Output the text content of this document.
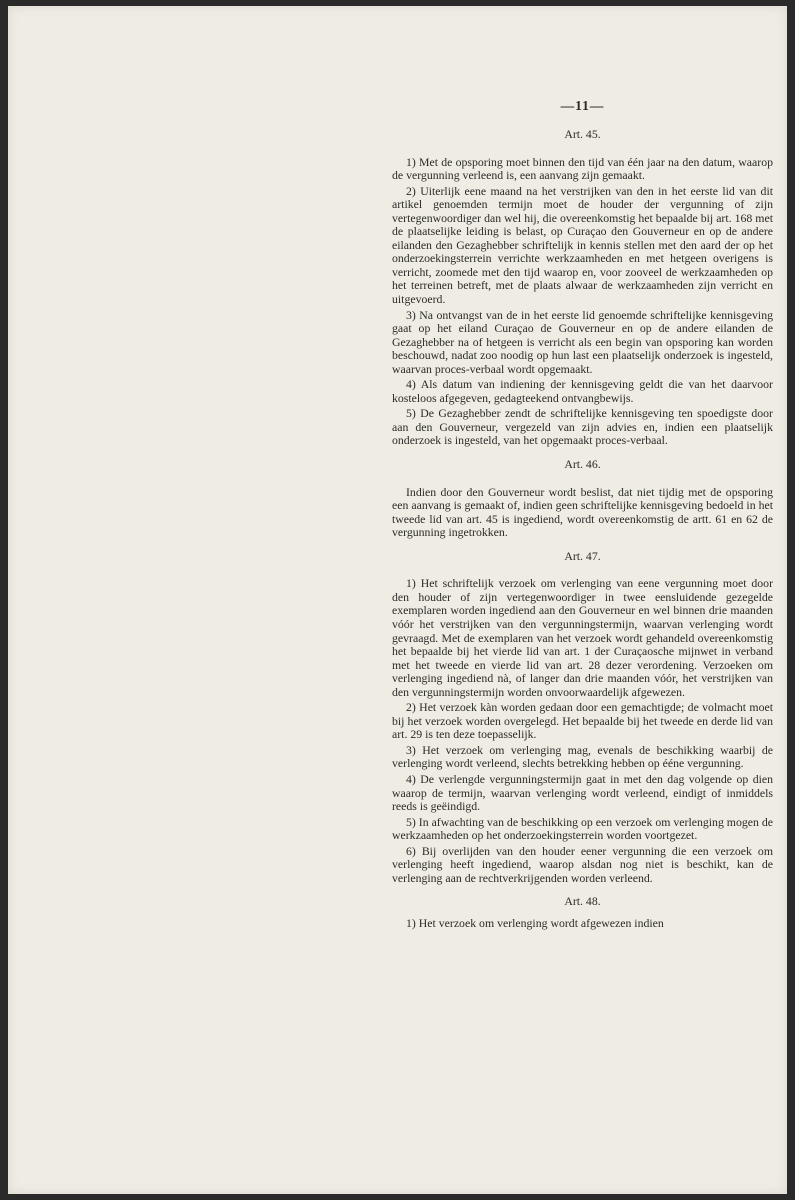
—11—
Art. 45.

1) Met de opsporing moet binnen den tijd van één jaar na den datum, waarop de vergunning verleend is, een aanvang zijn gemaakt.

2) Uiterlijk eene maand na het verstrijken van den in het eerste lid van dit artikel genoemden termijn moet de houder der vergunning of zijn vertegenwoordiger dan wel hij, die overeenkomstig het bepaalde bij art. 168 met de plaatselijke leiding is belast, op Curaçao den Gouverneur en op de andere eilanden den Gezaghebber schriftelijk in kennis stellen met den aard der op het onderzoekingsterrein verrichte werkzaamheden en met hetgeen overigens is verricht, zoomede met den tijd waarop en, voor zooveel de werkzaamheden op het terreinen betreft, met de plaats alwaar de werkzaamheden zijn verricht en uitgevoerd.

3) Na ontvangst van de in het eerste lid genoemde schriftelijke kennisgeving gaat op het eiland Curaçao de Gouverneur en op de andere eilanden de Gezaghebber na of hetgeen is verricht als een begin van opsporing kan worden beschouwd, nadat zoo noodig op hun last een plaatselijk onderzoek is ingesteld, waarvan proces-verbaal wordt opgemaakt.

4) Als datum van indiening der kennisgeving geldt die van het daarvoor kosteloos afgegeven, gedagteekend ontvangbewijs.

5) De Gezaghebber zendt de schriftelijke kennisgeving ten spoedigste door aan den Gouverneur, vergezeld van zijn advies en, indien een plaatselijk onderzoek is ingesteld, van het opgemaakt proces-verbaal.

Art. 46.

Indien door den Gouverneur wordt beslist, dat niet tijdig met de opsporing een aanvang is gemaakt of, indien geen schriftelijke kennisgeving bedoeld in het tweede lid van art. 45 is ingediend, wordt overeenkomstig de artt. 61 en 62 de vergunning ingetrokken.

Art. 47.

1) Het schriftelijk verzoek om verlenging van eene vergunning moet door den houder of zijn vertegenwoordiger in twee eensluidende gezegelde exemplaren worden ingediend aan den Gouverneur en wel binnen drie maanden vóór het verstrijken van den vergunningstermijn, waarvan verlenging wordt gevraagd. Met de exemplaren van het verzoek wordt gehandeld overeenkomstig het bepaalde bij het vierde lid van art. 1 der Curaçaosche mijnwet in verband met het tweede en vierde lid van art. 28 dezer verordening. Verzoeken om verlenging ingediend nà, of langer dan drie maanden vóór, het verstrijken van den vergunningstermijn worden onvoorwaardelijk afgewezen.

2) Het verzoek kàn worden gedaan door een gemachtigde; de volmacht moet bij het verzoek worden overgelegd. Het bepaalde bij het tweede en derde lid van art. 29 is ten deze toepasselijk.

3) Het verzoek om verlenging mag, evenals de beschikking waarbij de verlenging wordt verleend, slechts betrekking hebben op ééne vergunning.

4) De verlengde vergunningstermijn gaat in met den dag volgende op dien waarop de termijn, waarvan verlenging wordt verleend, eindigt of inmiddels reeds is geëindigd.

5) In afwachting van de beschikking op een verzoek om verlenging mogen de werkzaamheden op het onderzoekingsterrein worden voortgezet.

6) Bij overlijden van den houder eener vergunning die een verzoek om verlenging heeft ingediend, waarop alsdan nog niet is beschikt, kan de verlenging aan de rechtverkrijgenden worden verleend.

Art. 48.

1) Het verzoek om verlenging wordt afgewezen indien
